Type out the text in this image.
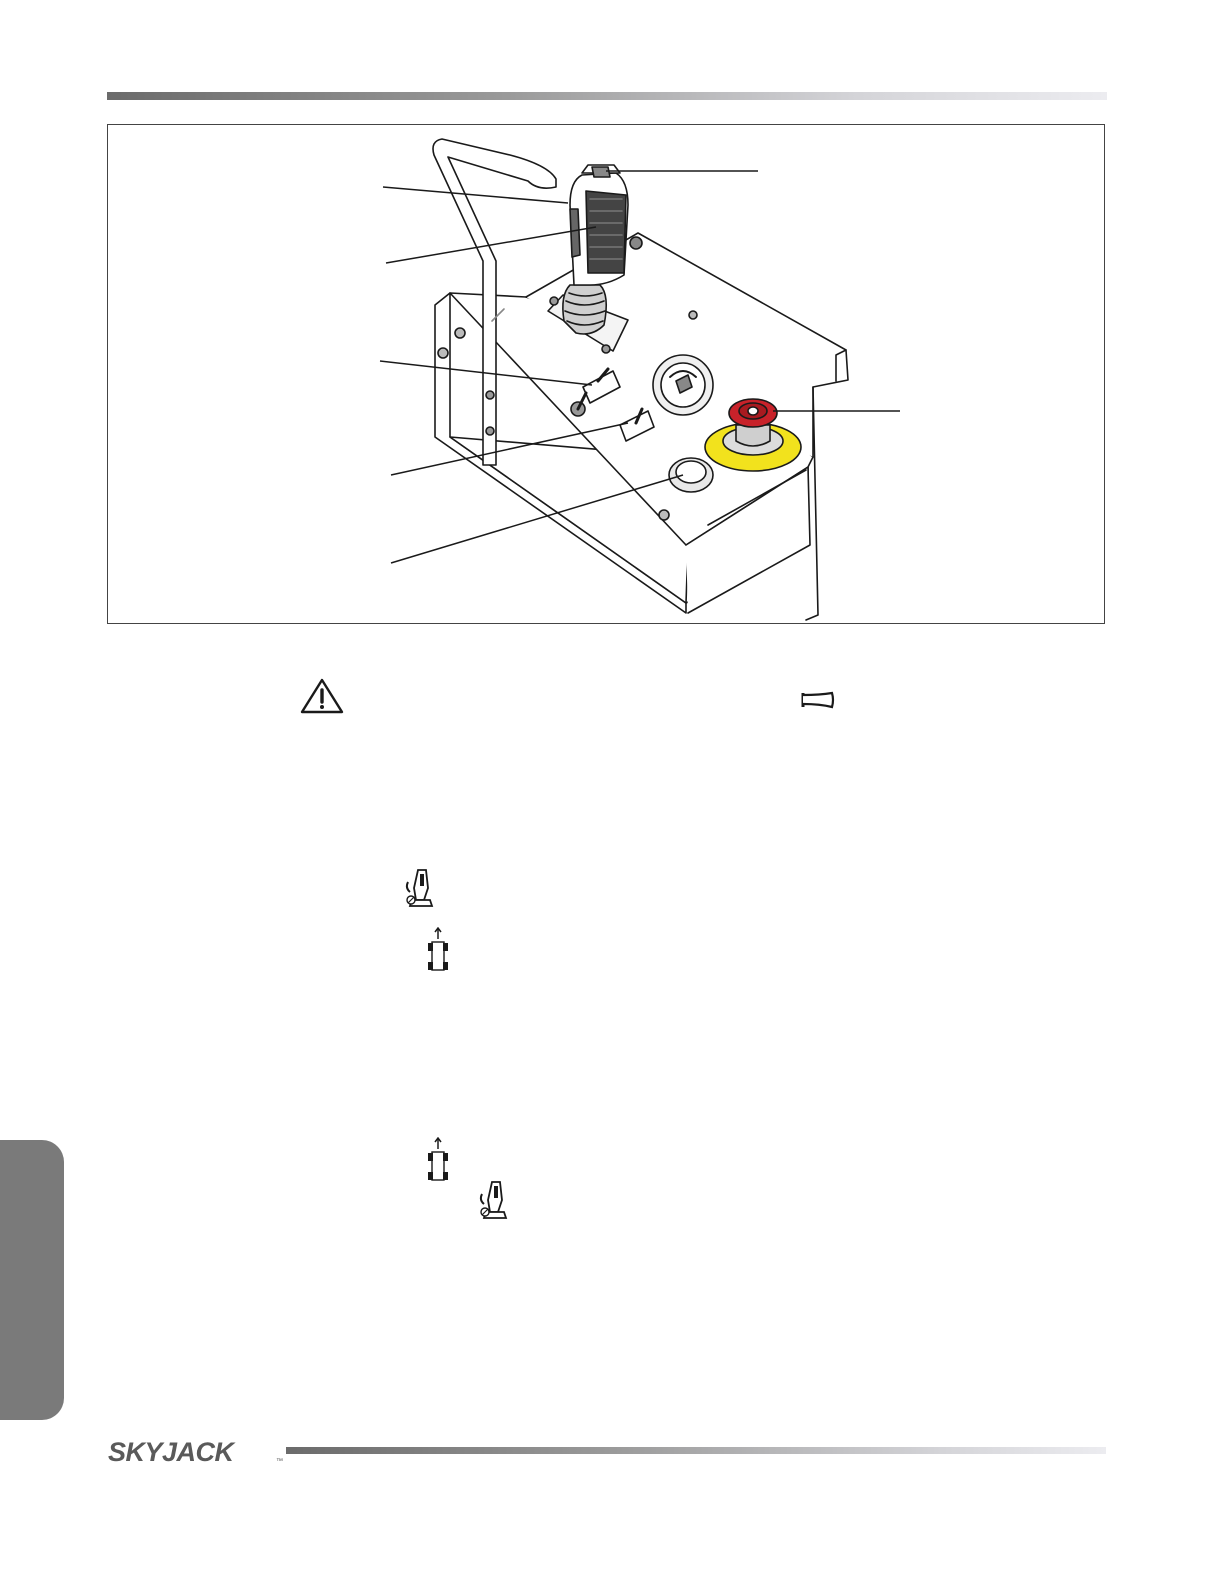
SKYJACK	™
